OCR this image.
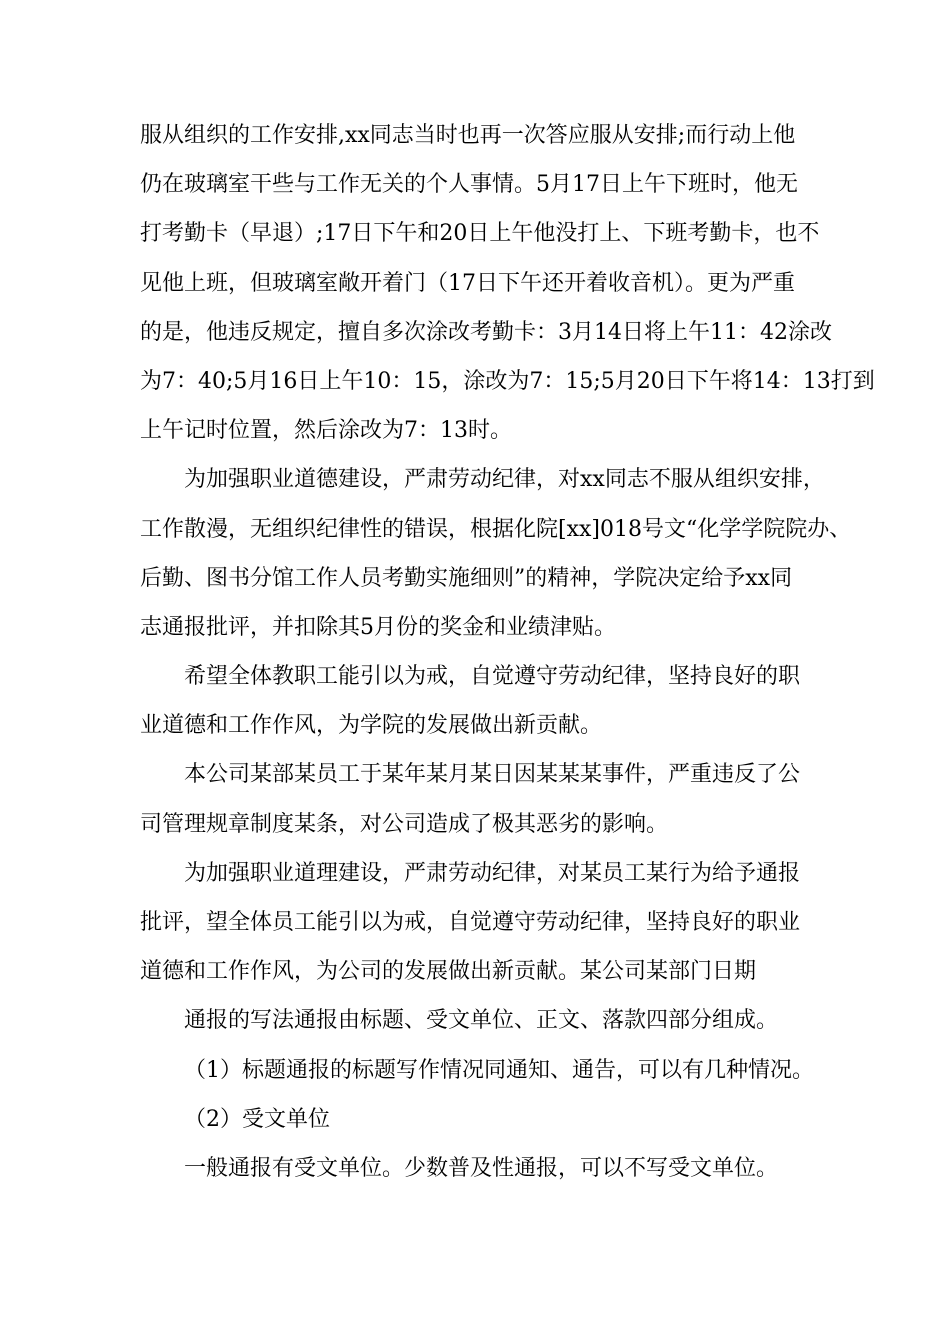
服从组织的工作安排,xx同志当时也再一次答应服从安排;而行动上他
仍在玻璃室干些与工作无关的个人事情。5月17日上午下班时，他无
打考勤卡（早退）;17日下午和20日上午他没打上、下班考勤卡，也不
见他上班，但玻璃室敞开着门（17日下午还开着收音机）。更为严重
的是，他违反规定，擅自多次涂改考勤卡：3月14日将上午11：42涂改
为7：40;5月16日上午10：15，涂改为7：15;5月20日下午将14：13打到
上午记时位置，然后涂改为7：13时。
为加强职业道德建设，严肃劳动纪律，对xx同志不服从组织安排，
工作散漫，无组织纪律性的错误，根据化院[xx]018号文“化学学院院办、
后勤、图书分馆工作人员考勤实施细则”的精神，学院决定给予xx同
志通报批评，并扣除其5月份的奖金和业绩津贴。
希望全体教职工能引以为戒，自觉遵守劳动纪律，坚持良好的职
业道德和工作作风，为学院的发展做出新贡献。
本公司某部某员工于某年某月某日因某某某事件，严重违反了公
司管理规章制度某条，对公司造成了极其恶劣的影响。
为加强职业道理建设，严肃劳动纪律，对某员工某行为给予通报
批评，望全体员工能引以为戒，自觉遵守劳动纪律，坚持良好的职业
道德和工作作风，为公司的发展做出新贡献。某公司某部门日期
通报的写法通报由标题、受文单位、正文、落款四部分组成。
（1）标题通报的标题写作情况同通知、通告，可以有几种情况。
（2）受文单位
一般通报有受文单位。少数普及性通报，可以不写受文单位。
